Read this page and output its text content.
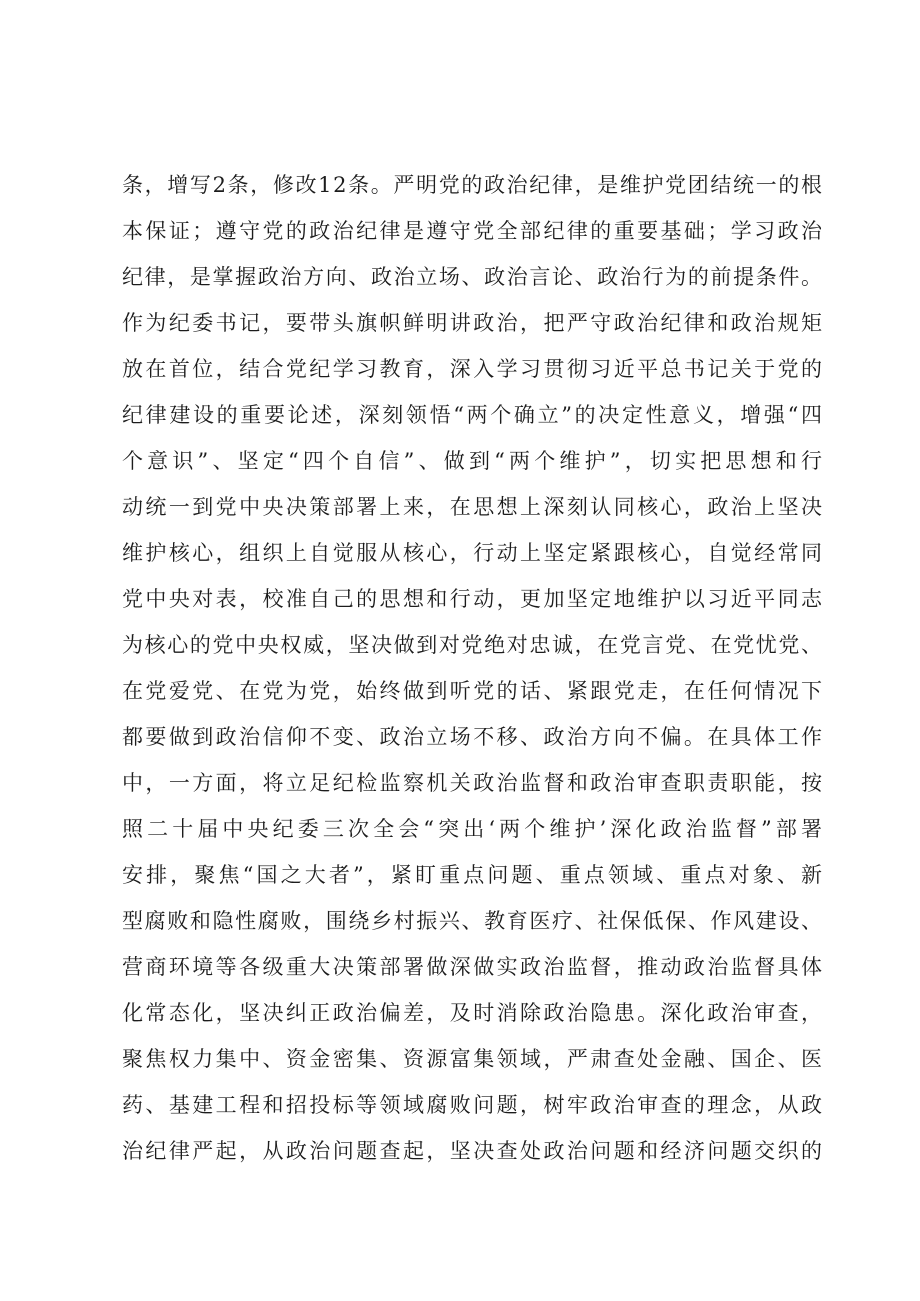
条，增写2条，修改12条。严明党的政治纪律，是维护党团结统一的根
本保证；遵守党的政治纪律是遵守党全部纪律的重要基础；学习政治
纪律，是掌握政治方向、政治立场、政治言论、政治行为的前提条件。
作为纪委书记，要带头旗帜鲜明讲政治，把严守政治纪律和政治规矩
放在首位，结合党纪学习教育，深入学习贯彻习近平总书记关于党的
纪律建设的重要论述，深刻领悟“两个确立”的决定性意义，增强“四
个意识”、坚定“四个自信”、做到“两个维护”，切实把思想和行
动统一到党中央决策部署上来，在思想上深刻认同核心，政治上坚决
维护核心，组织上自觉服从核心，行动上坚定紧跟核心，自觉经常同
党中央对表，校准自己的思想和行动，更加坚定地维护以习近平同志
为核心的党中央权威，坚决做到对党绝对忠诚，在党言党、在党忧党、
在党爱党、在党为党，始终做到听党的话、紧跟党走，在任何情况下
都要做到政治信仰不变、政治立场不移、政治方向不偏。在具体工作
中，一方面，将立足纪检监察机关政治监督和政治审查职责职能，按
照二十届中央纪委三次全会“突出‘两个维护’深化政治监督”部署
安排，聚焦“国之大者”，紧盯重点问题、重点领域、重点对象、新
型腐败和隐性腐败，围绕乡村振兴、教育医疗、社保低保、作风建设、
营商环境等各级重大决策部署做深做实政治监督，推动政治监督具体
化常态化，坚决纠正政治偏差，及时消除政治隐患。深化政治审查，
聚焦权力集中、资金密集、资源富集领域，严肃查处金融、国企、医
药、基建工程和招投标等领域腐败问题，树牢政治审查的理念，从政
治纪律严起，从政治问题查起，坚决查处政治问题和经济问题交织的
